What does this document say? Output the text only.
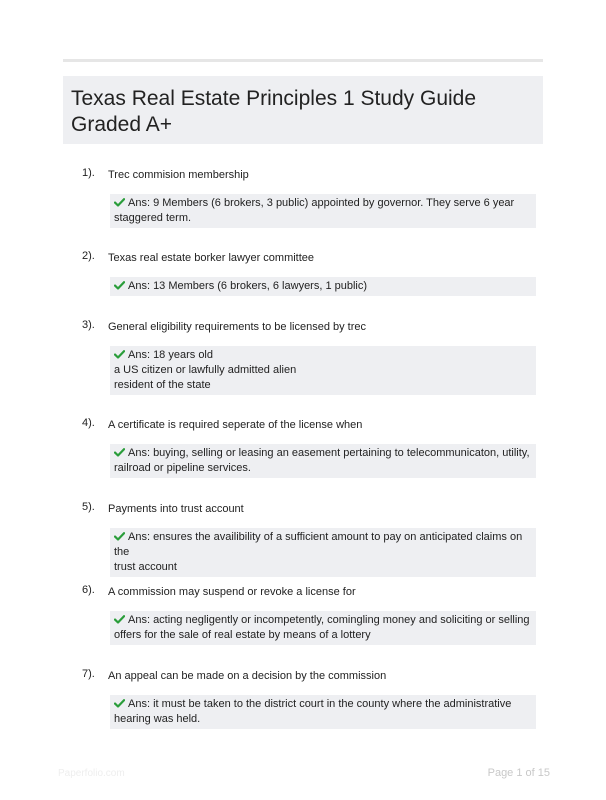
Texas Real Estate Principles 1 Study Guide
Graded A+
1).	Trec commision membership
Ans: 9 Members (6 brokers, 3 public) appointed by governor. They serve 6 year
staggered term.
2).	Texas real estate borker lawyer committee
Ans: 13 Members (6 brokers, 6 lawyers, 1 public)
3).	General eligibility requirements to be licensed by trec
Ans: 18 years old
a US citizen or lawfully admitted alien
resident of the state
4).	A certificate is required seperate of the license when
Ans: buying, selling or leasing an easement pertaining to telecommunicaton, utility,
railroad or pipeline services.
5).	Payments into trust account
Ans: ensures the availibility of a sufficient amount to pay on anticipated claims on the
trust account
6).	A commission may suspend or revoke a license for
Ans: acting negligently or incompetently, comingling money and soliciting or selling
offers for the sale of real estate by means of a lottery
7).	An appeal can be made on a decision by the commission
Ans: it must be taken to the district court in the county where the administrative
hearing was held.
Paperfolio.com	Page 1 of 15
